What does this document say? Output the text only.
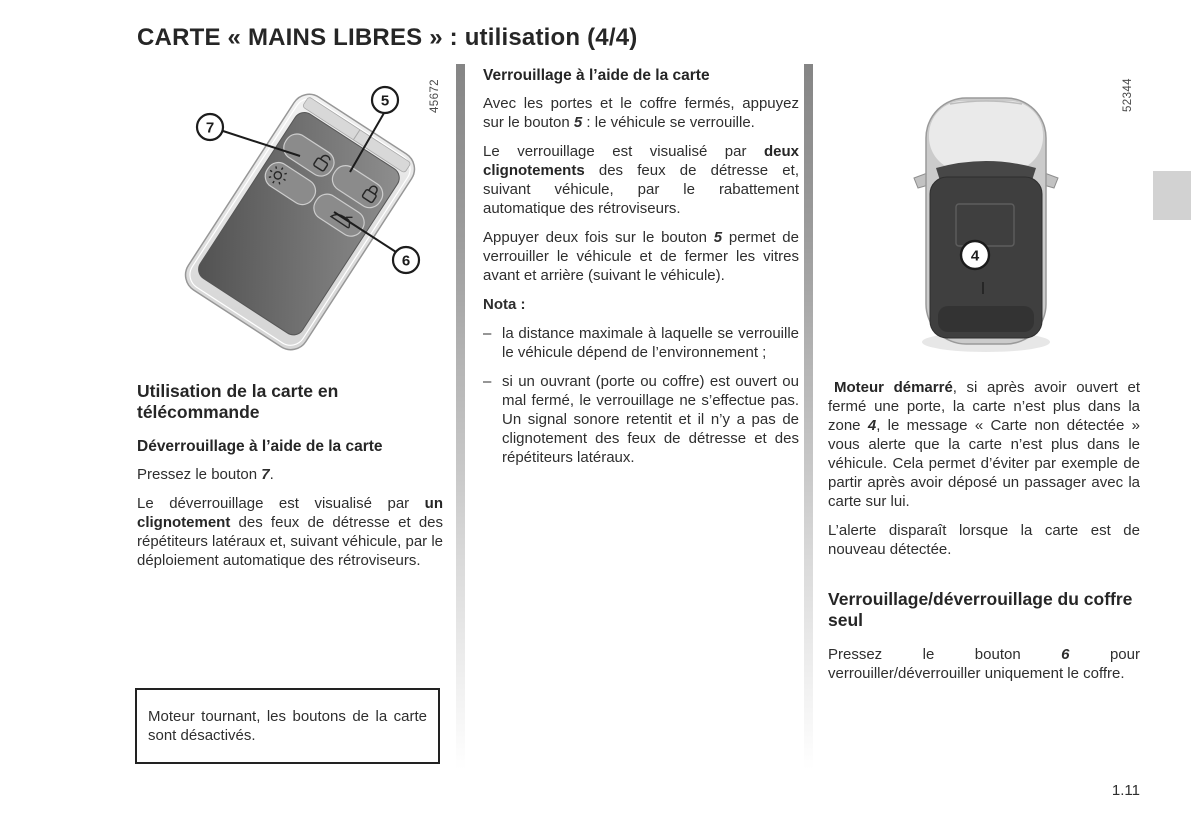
CARTE « MAINS LIBRES » : utilisation (4/4)
7
5
6
45672
4
52344
Utilisation de la carte en télécommande
Déverrouillage à l’aide de la carte

Pressez le bouton 7.

Le déverrouillage est visualisé par un clignotement des feux de détresse et des répétiteurs latéraux et, suivant véhicule, par le déploiement automatique des rétroviseurs.

Moteur tournant, les boutons de la carte sont désactivés.
Verrouillage à l’aide de la carte

Avec les portes et le coffre fermés, appuyez sur le bouton 5 : le véhicule se verrouille.

Le verrouillage est visualisé par deux clignotements des feux de détresse et, suivant véhicule, par le rabattement automatique des rétroviseurs.

Appuyer deux fois sur le bouton 5 permet de verrouiller le véhicule et de fermer les vitres avant et arrière (suivant le véhicule).

Nota :

– la distance maximale à laquelle se verrouille le véhicule dépend de l’environnement ;

– si un ouvrant (porte ou coffre) est ouvert ou mal fermé, le verrouillage ne s’effectue pas. Un signal sonore retentit et il n’y a pas de clignotement des feux de détresse et des répétiteurs latéraux.

Moteur démarré, si après avoir ouvert et fermé une porte, la carte n’est plus dans la zone 4, le message « Carte non détectée » vous alerte que la carte n’est plus dans le véhicule. Cela permet d’éviter par exemple de partir après avoir déposé un passager avec la carte sur lui.

L’alerte disparaît lorsque la carte est de nouveau détectée.

Verrouillage/déverrouillage du coffre seul

Pressez le bouton 6 pour verrouiller/déverrouiller uniquement le coffre.

1.11
